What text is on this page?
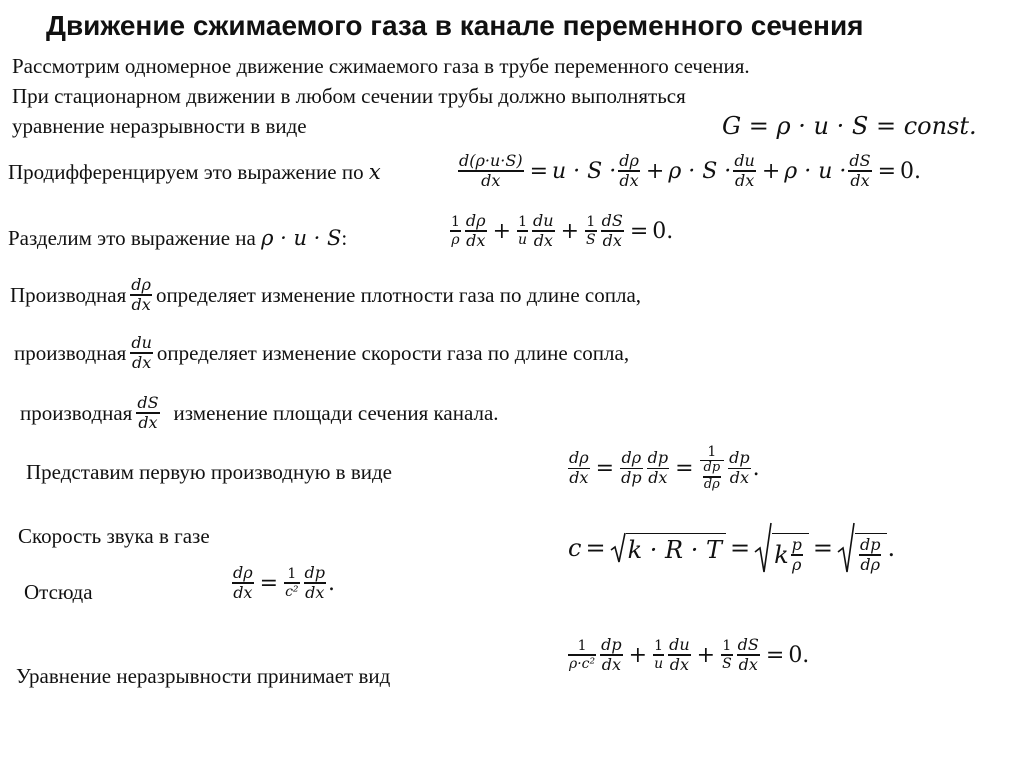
Движение сжимаемого газа в канале переменного сечения
Рассмотрим одномерное движение сжимаемого газа в трубе переменного сечения.
При стационарном движении в любом сечении трубы должно выполняться
уравнение неразрывности в виде	G = ρ · u · S = const.
Продифференцируем это выражение по x	$\frac{d(\rho\cdot u\cdot S)}{dx} = u \cdot S \cdot \frac{d\rho}{dx} + \rho \cdot S \cdot \frac{du}{dx} + \rho \cdot u \cdot \frac{dS}{dx} = 0$.
Разделим это выражение на ρ · u · S:	$\frac{1}{\rho} \frac{d\rho}{dx} + \frac{1}{u} \frac{du}{dx} + \frac{1}{S} \frac{dS}{dx} = 0$.
Производная $\frac{d\rho}{dx}$ определяет изменение плотности газа по длине сопла,
производная $\frac{du}{dx}$ определяет изменение скорости газа по длине сопла,
производная $\frac{dS}{dx}$ изменение площади сечения канала.
Представим первую производную в виде	$\frac{d\rho}{dx} = \frac{d\rho}{dp} \frac{dp}{dx} = \frac{1}{\frac{dp}{d\rho}} \frac{dp}{dx}$ .
Скорость звука в газе	c = k · R · T = k $\frac{p}{\rho} = \frac{dp}{d\rho}$ .
Отсюда	$\frac{d\rho}{dx} = \frac{1}{\text{c²}} \frac{dp}{dx}$ .
Уравнение неразрывности принимает вид
$\frac{1}{\text{ρ·c²}} \frac{dp}{dx} + \frac{1}{u} \frac{du}{dx} + \frac{1}{S} \frac{dS}{dx} = 0$.
